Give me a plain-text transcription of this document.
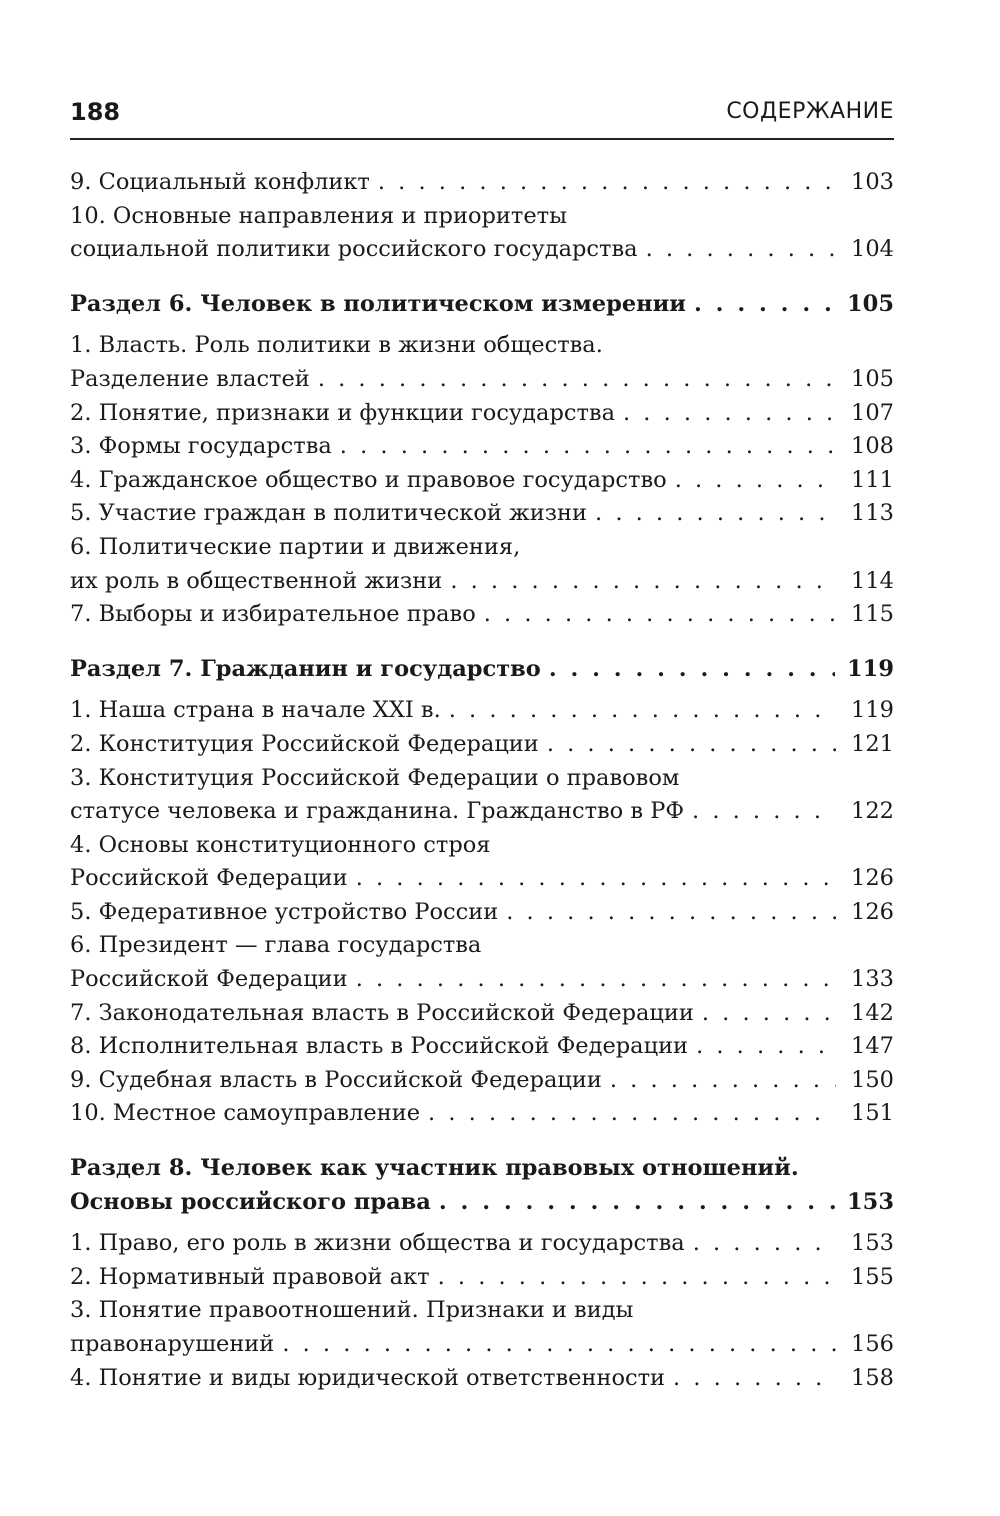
188	СОДЕРЖАНИЕ
9. Социальный конфликт . . .	103
10. Основные направления и приоритеты
социальной политики российского государства . . .	104
Раздел 6. Человек в политическом измерении . . .	105
1. Власть. Роль политики в жизни общества.
Разделение властей . . .	105
2. Понятие, признаки и функции государства . . .	107
3. Формы государства . . .	108
4. Гражданское общество и правовое государство . . .	111
5. Участие граждан в политической жизни . . .	113
6. Политические партии и движения,
их роль в общественной жизни . . .	114
7. Выборы и избирательное право . . .	115
Раздел 7. Гражданин и государство . . .	119
1. Наша страна в начале XXI в. . . .	119
2. Конституция Российской Федерации . . .	121
3. Конституция Российской Федерации о правовом
статусе человека и гражданина. Гражданство в РФ . . .	122
4. Основы конституционного строя
Российской Федерации . . .	126
5. Федеративное устройство России . . .	126
6. Президент — глава государства
Российской Федерации . . .	133
7. Законодательная власть в Российской Федерации . . .	142
8. Исполнительная власть в Российской Федерации . . .	147
9. Судебная власть в Российской Федерации . . .	150
10. Местное самоуправление . . .	151
Раздел 8. Человек как участник правовых отношений.
Основы российского права . . .	153
1. Право, его роль в жизни общества и государства . . .	153
2. Нормативный правовой акт . . .	155
3. Понятие правоотношений. Признаки и виды
правонарушений . . .	156
4. Понятие и виды юридической ответственности . . .	158
